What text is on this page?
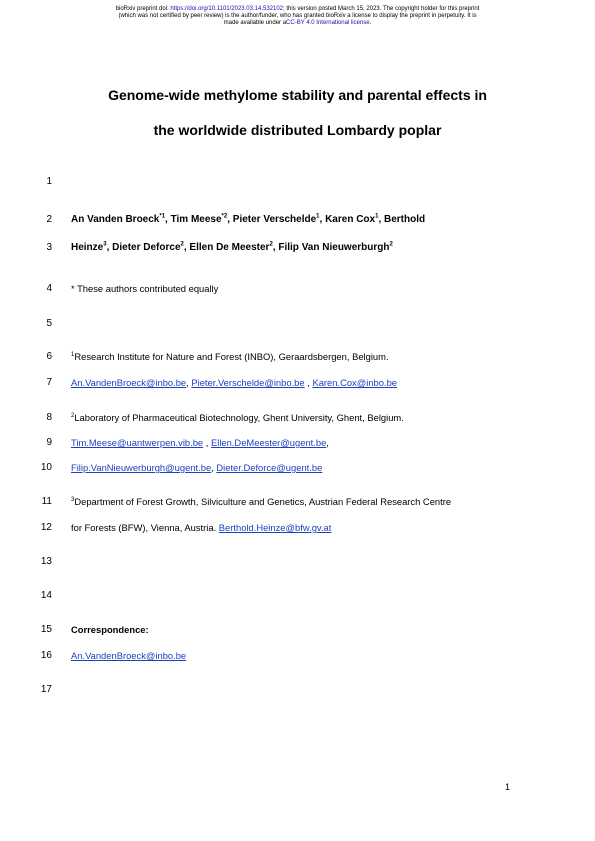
bioRxiv preprint doi: https://doi.org/10.1101/2023.03.14.532102; this version posted March 15, 2023. The copyright holder for this preprint
(which was not certified by peer review) is the author/funder, who has granted bioRxiv a license to display the preprint in perpetuity. It is
made available under aCC-BY 4.0 International license.
Genome-wide methylome stability and parental effects in
the worldwide distributed Lombardy poplar
1
2
3
4
5
6
7
8
9
10
11
12
13
14
15
16
17
An Vanden Broeck$^{*1}$, Tim Meese$^{*2}$, Pieter Verschelde$^1$, Karen Cox$^1$, Berthold
Heinze$^3$, Dieter Deforce$^2$, Ellen De Meester$^2$, Filip Van Nieuwerburgh$^2$
* These authors contributed equally
$^1$Research Institute for Nature and Forest (INBO), Geraardsbergen, Belgium.
An.VandenBroeck@inbo.be, Pieter.Verschelde@inbo.be , Karen.Cox@inbo.be
$^2$Laboratory of Pharmaceutical Biotechnology, Ghent University, Ghent, Belgium.
Tim.Meese@uantwerpen.vib.be , Ellen.DeMeester@ugent.be,
Filip.VanNieuwerburgh@ugent.be, Dieter.Deforce@ugent.be
$^3$Department of Forest Growth, Silviculture and Genetics, Austrian Federal Research Centre
for Forests (BFW), Vienna, Austria. Berthold.Heinze@bfw.gv.at
Correspondence:
An.VandenBroeck@inbo.be
1
